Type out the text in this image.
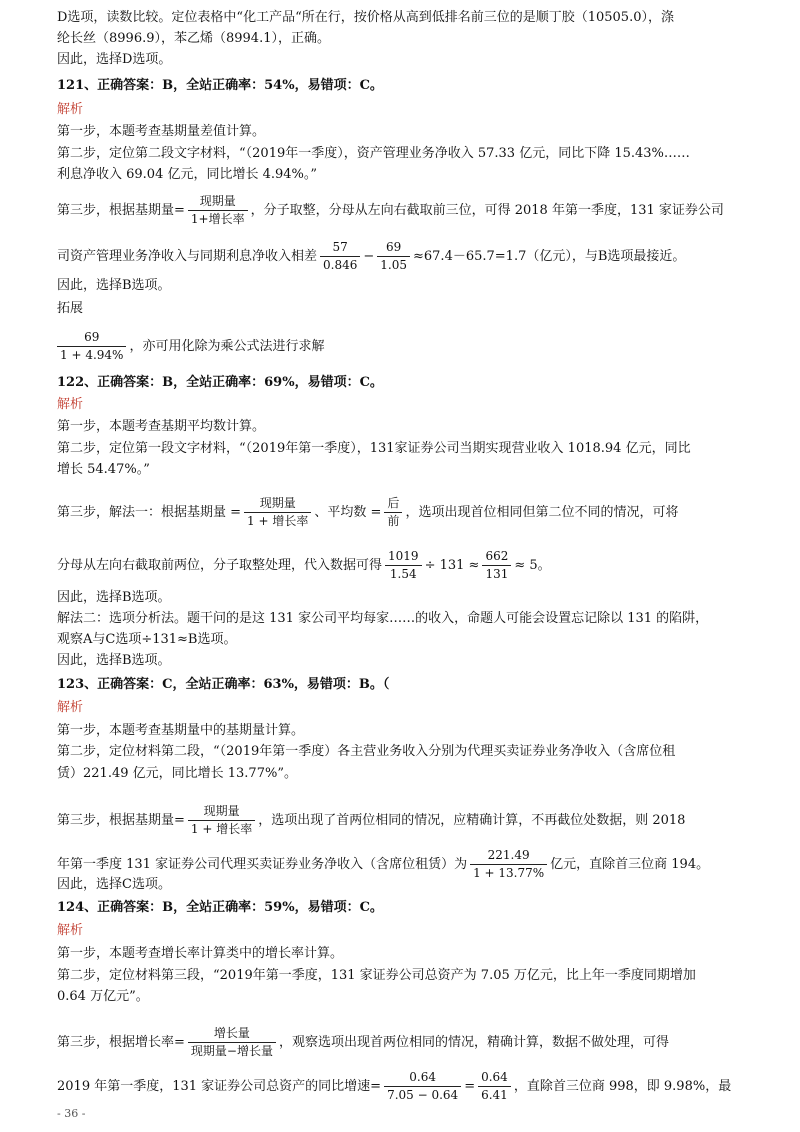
D选项，读数比较。定位表格中“化工产品“所在行，按价格从高到低排名前三位的是顺丁胶（10505.0），涤
纶长丝（8996.9），苯乙烯（8994.1），正确。
因此，选择D选项。
121、正确答案：B，全站正确率：54%，易错项：C。
解析
第一步，本题考查基期量差值计算。
第二步，定位第二段文字材料，“（2019年一季度），资产管理业务净收入 57.33 亿元，同比下降 15.43%……
利息净收入 69.04 亿元，同比增长 4.94%。”
第三步，根据基期量= $\frac{\text{现期量}}{\text{1+增长率}}$ ，分子取整，分母从左向右截取前三位，可得 2018 年第一季度，131 家证券公司
司资产管理业务净收入与同期利息净收入相差 $\frac{57}{0.846} - \frac{69}{1.05} \approx 67.4-65.7=1.7$（亿元），与B选项最接近。
因此，选择B选项。
拓展
$\frac{69}{1 + 4.94\%}$ ，亦可用化除为乘公式法进行求解
122、正确答案：B，全站正确率：69%，易错项：C。
解析
第一步，本题考查基期平均数计算。
第二步，定位第一段文字材料，“（2019年第一季度），131家证券公司当期实现营业收入 1018.94 亿元，同比
增长 54.47%。”
第三步，解法一：根据基期量 = $\frac{\text{现期量}}{\text{1 + 增长率}}$ 、平均数 = $\frac{\text{后}}{\text{前}}$ ，选项出现首位相同但第二位不同的情况，可将
分母从左向右截取前两位，分子取整处理，代入数据可得 $\frac{1019}{1.54} \div 131 \approx \frac{662}{131} \approx 5$。
因此，选择B选项。
解法二：选项分析法。题干问的是这 131 家公司平均每家……的收入，命题人可能会设置忘记除以 131 的陷阱，
观察A与C选项÷131≈B选项。
因此，选择B选项。
123、正确答案：C，全站正确率：63%，易错项：B。（
解析
第一步，本题考查基期量中的基期量计算。
第二步，定位材料第二段，“（2019年第一季度）各主营业务收入分别为代理买卖证券业务净收入（含席位租
赁）221.49 亿元，同比增长 13.77%”。
第三步，根据基期量= $\frac{\text{现期量}}{\text{1 + 增长率}}$ ，选项出现了首两位相同的情况，应精确计算，不再截位处数据，则 2018
年第一季度 131 家证券公司代理买卖证券业务净收入（含席位租赁）为 $\frac{221.49}{1 + 13.77\%}$ 亿元，直除首三位商 194。
因此，选择C选项。
124、正确答案：B，全站正确率：59%，易错项：C。
解析
第一步，本题考查增长率计算类中的增长率计算。
第二步，定位材料第三段，“2019年第一季度，131 家证券公司总资产为 7.05 万亿元，比上年一季度同期增加
0.64 万亿元”。
第三步，根据增长率= $\frac{\text{增长量}}{\text{现期量−增长量}}$ ，观察选项出现首两位相同的情况，精确计算，数据不做处理，可得
2019 年第一季度，131 家证券公司总资产的同比增速= $\frac{0.64}{7.05 - 0.64} = \frac{0.64}{6.41}$ ，直除首三位商 998，即 9.98%，最
- 36 -
